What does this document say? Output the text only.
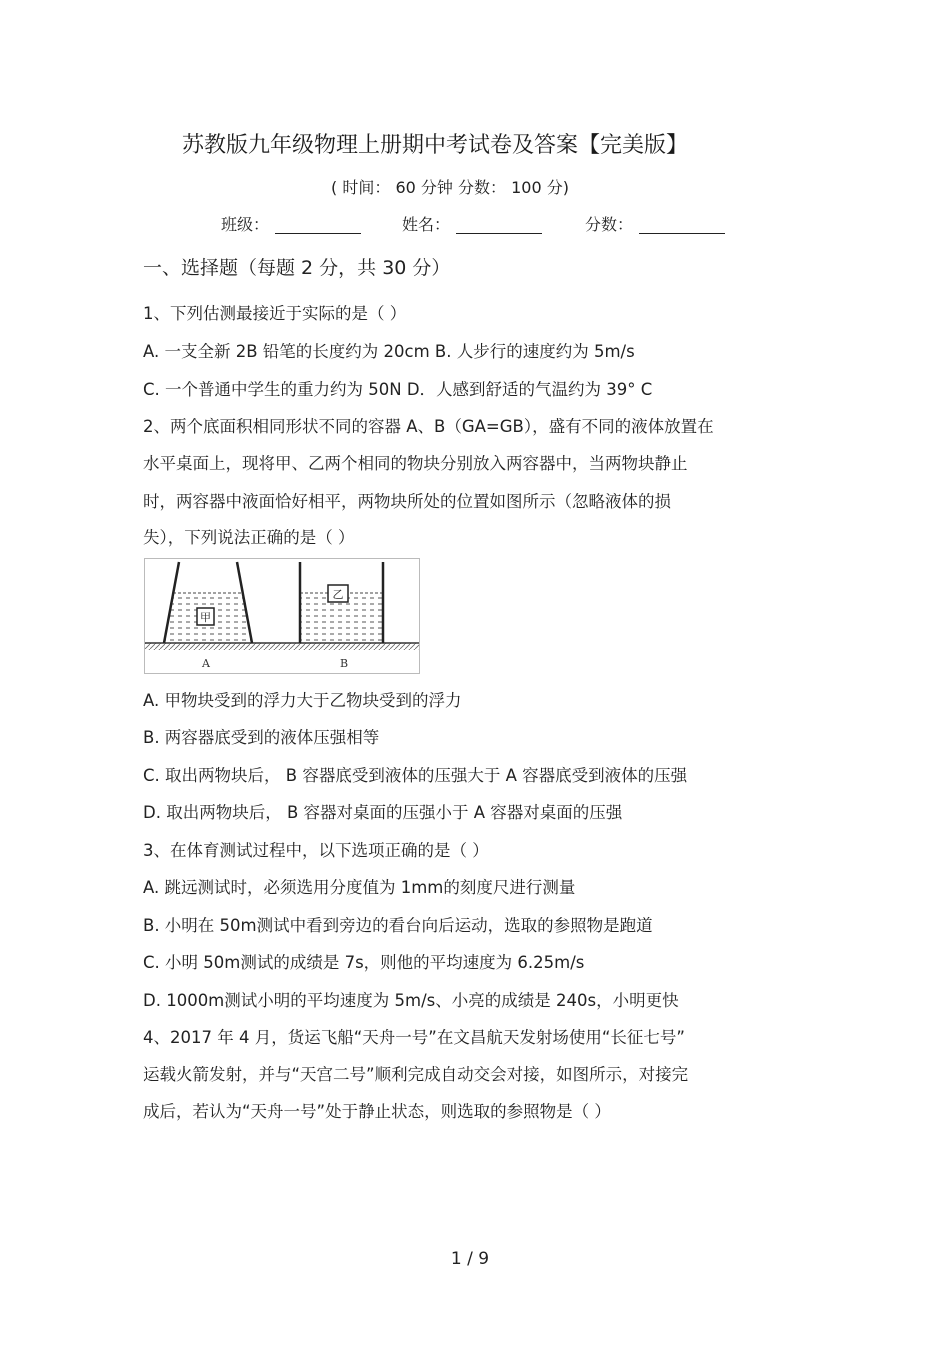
苏教版九年级物理上册期中考试卷及答案【完美版】
( 时间： 60 分钟 分数： 100 分)
班级：	姓名：	分数：
一、选择题（每题 2 分，共 30 分）
1、下列估测最接近于实际的是（ ）
A. 一支全新 2B 铅笔的长度约为 20cm B. 人步行的速度约为 5m/s
C. 一个普通中学生的重力约为 50N D．人感到舒适的气温约为 39° C
2、两个底面积相同形状不同的容器 A、B（GA=GB），盛有不同的液体放置在
水平桌面上，现将甲、乙两个相同的物块分别放入两容器中，当两物块静止
时，两容器中液面恰好相平，两物块所处的位置如图所示（忽略液体的损
失），下列说法正确的是（ ）
甲
乙
A	B
A. 甲物块受到的浮力大于乙物块受到的浮力
B. 两容器底受到的液体压强相等
C. 取出两物块后， B 容器底受到液体的压强大于 A 容器底受到液体的压强
D. 取出两物块后， B 容器对桌面的压强小于 A 容器对桌面的压强
3、在体育测试过程中，以下选项正确的是（ ）
A. 跳远测试时，必须选用分度值为 1mm的刻度尺进行测量
B. 小明在 50m测试中看到旁边的看台向后运动，选取的参照物是跑道
C. 小明 50m测试的成绩是 7s，则他的平均速度为 6.25m/s
D. 1000m测试小明的平均速度为 5m/s、小亮的成绩是 240s，小明更快
4、2017 年 4 月，货运飞船“天舟一号”在文昌航天发射场使用“长征七号”
运载火箭发射，并与“天宫二号”顺利完成自动交会对接，如图所示，对接完
成后，若认为“天舟一号”处于静止状态，则选取的参照物是（ ）
1 / 9
